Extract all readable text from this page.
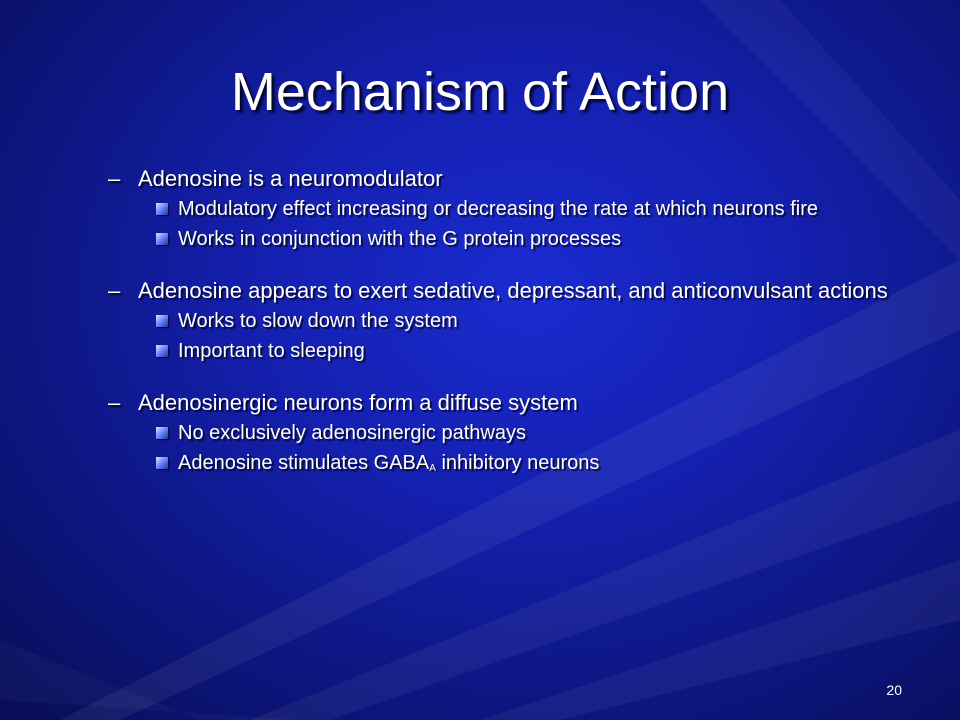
Mechanism of Action
– Adenosine is a neuromodulator
Modulatory effect increasing or decreasing the rate at which neurons fire
Works in conjunction with the G protein processes
– Adenosine appears to exert sedative, depressant, and anticonvulsant actions
Works to slow down the system
Important to sleeping
– Adenosinergic neurons form a diffuse system
No exclusively adenosinergic pathways
Adenosine stimulates $GABA_A$ inhibitory neurons
20
